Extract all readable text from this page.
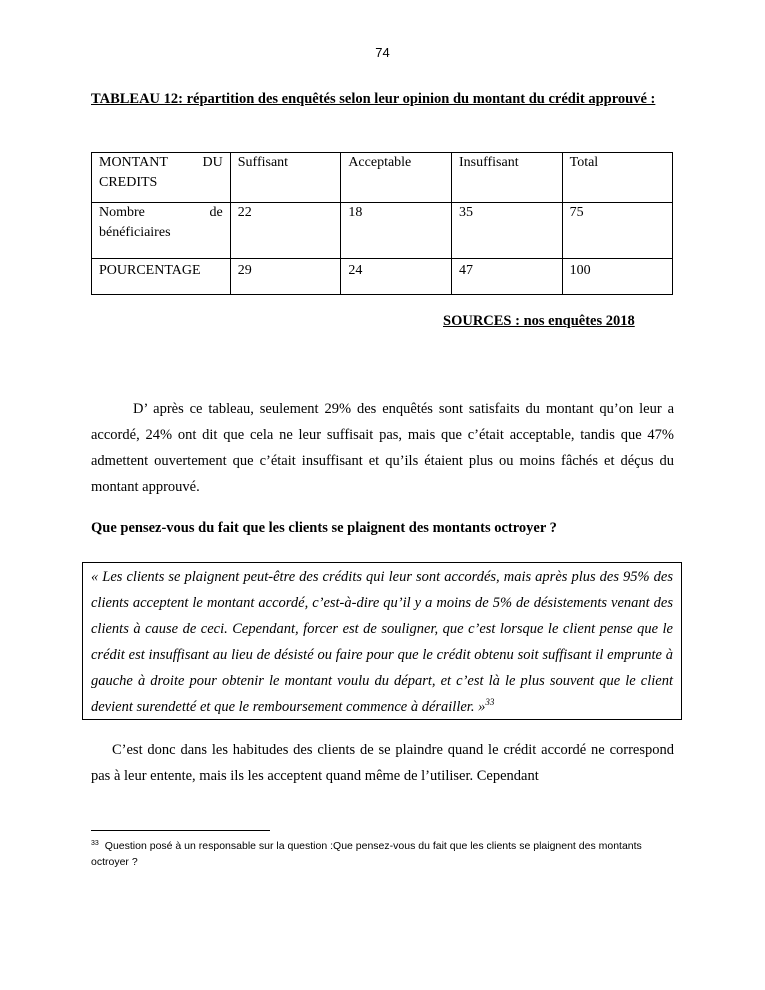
74
TABLEAU 12: répartition des enquêtés selon leur opinion du montant du crédit approuvé :
MONTANT DU CREDITS	Suffisant	Acceptable	Insuffisant	Total
Nombre de bénéficiaires	22	18	35	75
POURCENTAGE	29	24	47	100
SOURCES : nos enquêtes 2018

D’ après ce tableau, seulement 29% des enquêtés sont satisfaits du montant qu’on leur a accordé, 24% ont dit que cela ne leur suffisait pas, mais que c’était acceptable, tandis que 47% admettent ouvertement que c’était insuffisant et qu’ils étaient plus ou moins fâchés et déçus du montant approuvé.

Que pensez-vous du fait que les clients se plaignent des montants octroyer ?

« Les clients se plaignent peut-être des crédits qui leur sont accordés, mais après plus des 95% des clients acceptent le montant accordé, c’est-à-dire qu’il y a moins de 5% de désistements venant des clients à cause de ceci. Cependant, forcer est de souligner, que c’est lorsque le client pense que le crédit est insuffisant au lieu de désisté ou faire pour que le crédit obtenu soit suffisant il emprunte à gauche à droite pour obtenir le montant voulu du départ, et c’est là le plus souvent que le client devient surendetté et que le remboursement commence à dérailler. »$^{33}$

C’est donc dans les habitudes des clients de se plaindre quand le crédit accordé ne correspond pas à leur entente, mais ils les acceptent quand même de l’utiliser. Cependant

$^{33}$ Question posé à un responsable sur la question :Que pensez-vous du fait que les clients se plaignent des montants octroyer ?
